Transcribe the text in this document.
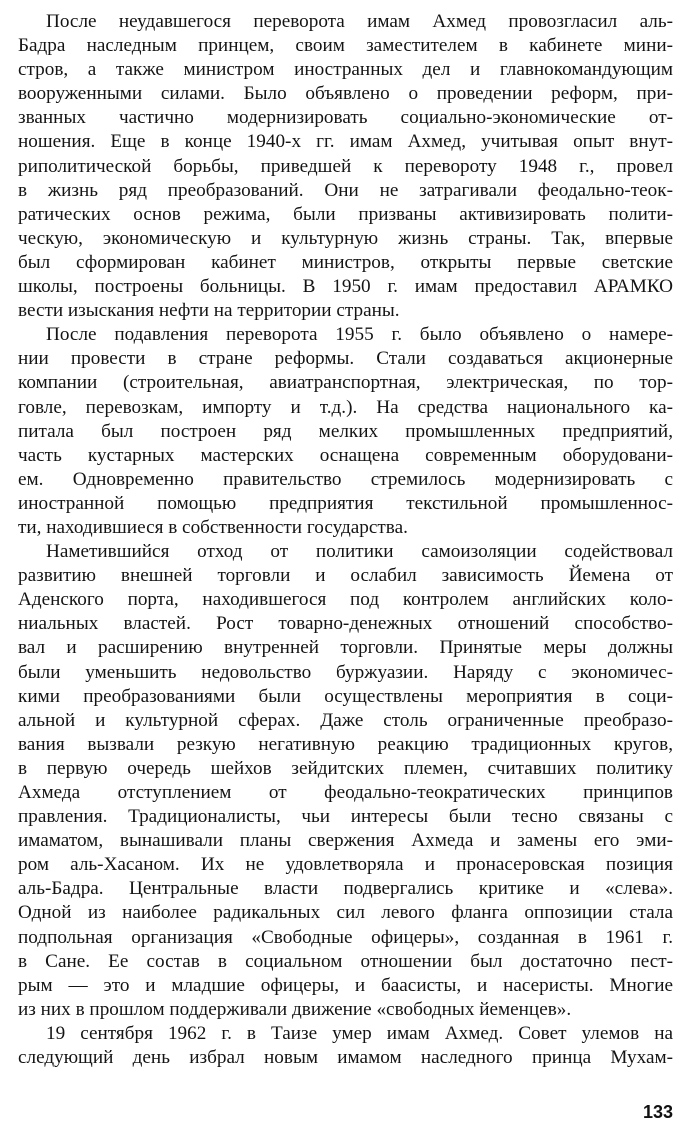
После неудавшегося переворота имам Ахмед провозгласил аль-
Бадра наследным принцем, своим заместителем в кабинете мини-
стров, а также министром иностранных дел и главнокомандующим
вооруженными силами. Было объявлено о проведении реформ, при-
званных частично модернизировать социально-экономические от-
ношения. Еще в конце 1940-х гг. имам Ахмед, учитывая опыт внут-
риполитической борьбы, приведшей к перевороту 1948 г., провел
в жизнь ряд преобразований. Они не затрагивали феодально-теок-
ратических основ режима, были призваны активизировать полити-
ческую, экономическую и культурную жизнь страны. Так, впервые
был сформирован кабинет министров, открыты первые светские
школы, построены больницы. В 1950 г. имам предоставил АРАМКО
вести изыскания нефти на территории страны.
После подавления переворота 1955 г. было объявлено о намере-
нии провести в стране реформы. Стали создаваться акционерные
компании (строительная, авиатранспортная, электрическая, по тор-
говле, перевозкам, импорту и т.д.). На средства национального ка-
питала был построен ряд мелких промышленных предприятий,
часть кустарных мастерских оснащена современным оборудовани-
ем. Одновременно правительство стремилось модернизировать с
иностранной помощью предприятия текстильной промышленнос-
ти, находившиеся в собственности государства.
Наметившийся отход от политики самоизоляции содействовал
развитию внешней торговли и ослабил зависимость Йемена от
Аденского порта, находившегося под контролем английских коло-
ниальных властей. Рост товарно-денежных отношений способство-
вал и расширению внутренней торговли. Принятые меры должны
были уменьшить недовольство буржуазии. Наряду с экономичес-
кими преобразованиями были осуществлены мероприятия в соци-
альной и культурной сферах. Даже столь ограниченные преобразо-
вания вызвали резкую негативную реакцию традиционных кругов,
в первую очередь шейхов зейдитских племен, считавших политику
Ахмеда отступлением от феодально-теократических принципов
правления. Традиционалисты, чьи интересы были тесно связаны с
имаматом, вынашивали планы свержения Ахмеда и замены его эми-
ром аль-Хасаном. Их не удовлетворяла и пронасеровская позиция
аль-Бадра. Центральные власти подвергались критике и «слева».
Одной из наиболее радикальных сил левого фланга оппозиции стала
подпольная организация «Свободные офицеры», созданная в 1961 г.
в Сане. Ее состав в социальном отношении был достаточно пест-
рым — это и младшие офицеры, и баасисты, и насеристы. Многие
из них в прошлом поддерживали движение «свободных йеменцев».
19 сентября 1962 г. в Таизе умер имам Ахмед. Совет улемов на
следующий день избрал новым имамом наследного принца Мухам-
133
